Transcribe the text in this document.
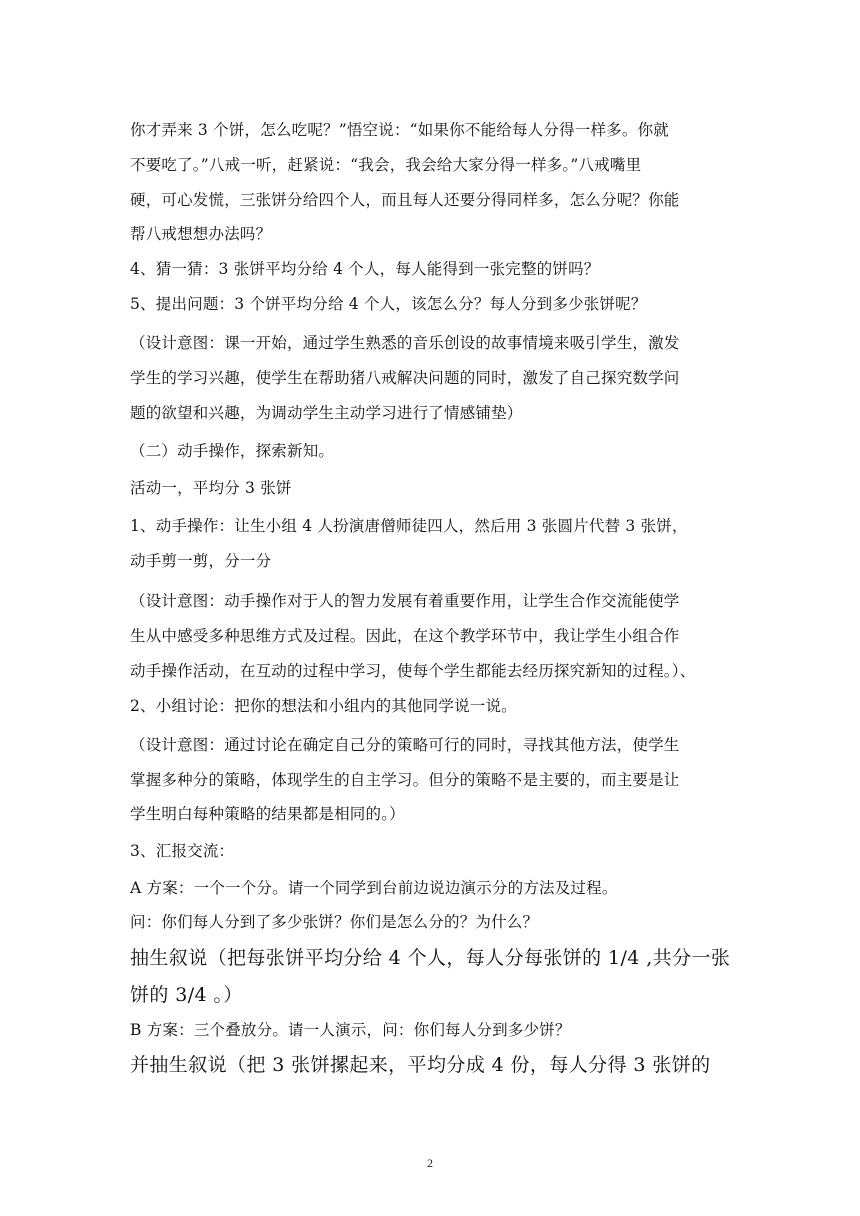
你才弄来 3 个饼，怎么吃呢？”悟空说：“如果你不能给每人分得一样多。你就
不要吃了。”八戒一听，赶紧说：“我会，我会给大家分得一样多。”八戒嘴里
硬，可心发慌，三张饼分给四个人，而且每人还要分得同样多，怎么分呢？你能
帮八戒想想办法吗？
4、猜一猜：3 张饼平均分给 4 个人，每人能得到一张完整的饼吗？
5、提出问题：3 个饼平均分给 4 个人，该怎么分？每人分到多少张饼呢？
（设计意图：课一开始，通过学生熟悉的音乐创设的故事情境来吸引学生，激发
学生的学习兴趣，使学生在帮助猪八戒解决问题的同时，激发了自己探究数学问
题的欲望和兴趣，为调动学生主动学习进行了情感铺垫）
（二）动手操作，探索新知。
活动一，平均分 3 张饼
1、动手操作：让生小组 4 人扮演唐僧师徒四人，然后用 3 张圆片代替 3 张饼，
动手剪一剪，分一分
（设计意图：动手操作对于人的智力发展有着重要作用，让学生合作交流能使学
生从中感受多种思维方式及过程。因此，在这个教学环节中，我让学生小组合作
动手操作活动，在互动的过程中学习，使每个学生都能去经历探究新知的过程。）、
2、小组讨论：把你的想法和小组内的其他同学说一说。
（设计意图：通过讨论在确定自己分的策略可行的同时，寻找其他方法，使学生
掌握多种分的策略，体现学生的自主学习。但分的策略不是主要的，而主要是让
学生明白每种策略的结果都是相同的。）
3、汇报交流：
A 方案：一个一个分。请一个同学到台前边说边演示分的方法及过程。
问：你们每人分到了多少张饼？你们是怎么分的？为什么？
抽生叙说（把每张饼平均分给 4 个人，每人分每张饼的 1/4 ,共分一张
饼的 3/4 。）
B 方案：三个叠放分。请一人演示，问：你们每人分到多少饼？
并抽生叙说（把 3 张饼摞起来，平均分成 4 份，每人分得 3 张饼的
2
